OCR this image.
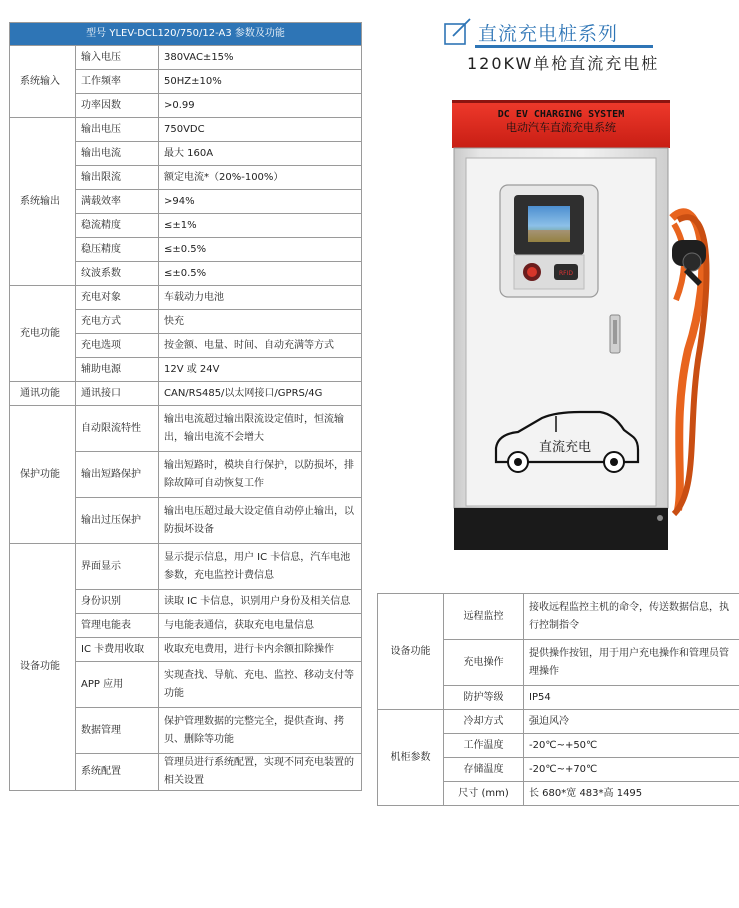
型号 YLEV-DCL120/750/12-A3 参数及功能		
系统输入	输入电压	380VAC±15%
	工作频率	50HZ±10%
	功率因数	>0.99
系统输出	输出电压	750VDC
	输出电流	最大 160A
	输出限流	额定电流*（20%-100%）
	满载效率	>94%
	稳流精度	≤±1%
	稳压精度	≤±0.5%
	纹波系数	≤±0.5%
充电功能	充电对象	车载动力电池
	充电方式	快充
	充电选项	按金额、电量、时间、自动充满等方式
	辅助电源	12V 或 24V
通讯功能	通讯接口	CAN/RS485/以太网接口/GPRS/4G
保护功能	自动限流特性	输出电流超过输出限流设定值时，恒流输出，输出电流不会增大
	输出短路保护	输出短路时，模块自行保护，以防损坏，排除故障可自动恢复工作
	输出过压保护	输出电压超过最大设定值自动停止输出，以防损坏设备
设备功能	界面显示	显示提示信息，用户 IC 卡信息，汽车电池参数，充电监控计费信息
	身份识别	读取 IC 卡信息，识别用户身份及相关信息
	管理电能表	与电能表通信，获取充电电量信息
	IC 卡费用收取	收取充电费用，进行卡内余额扣除操作
	APP 应用	实现查找、导航、充电、监控、移动支付等功能
	数据管理	保护管理数据的完整完全，提供查询、拷贝、删除等功能
	系统配置	管理员进行系统配置，实现不同充电装置的相关设置
直流充电桩系列
120KW单枪直流充电桩
DC EV CHARGING SYSTEM
电动汽车直流充电系统
RFID
直流充电
设备功能	远程监控	接收远程监控主机的命令，传送数据信息，执行控制指令
	充电操作	提供操作按钮，用于用户充电操作和管理员管理操作
	防护等级	IP54
机柜参数	冷却方式	强迫风冷
	工作温度	-20℃~+50℃
	存储温度	-20℃~+70℃
	尺寸 (mm)	长 680*宽 483*高 1495
